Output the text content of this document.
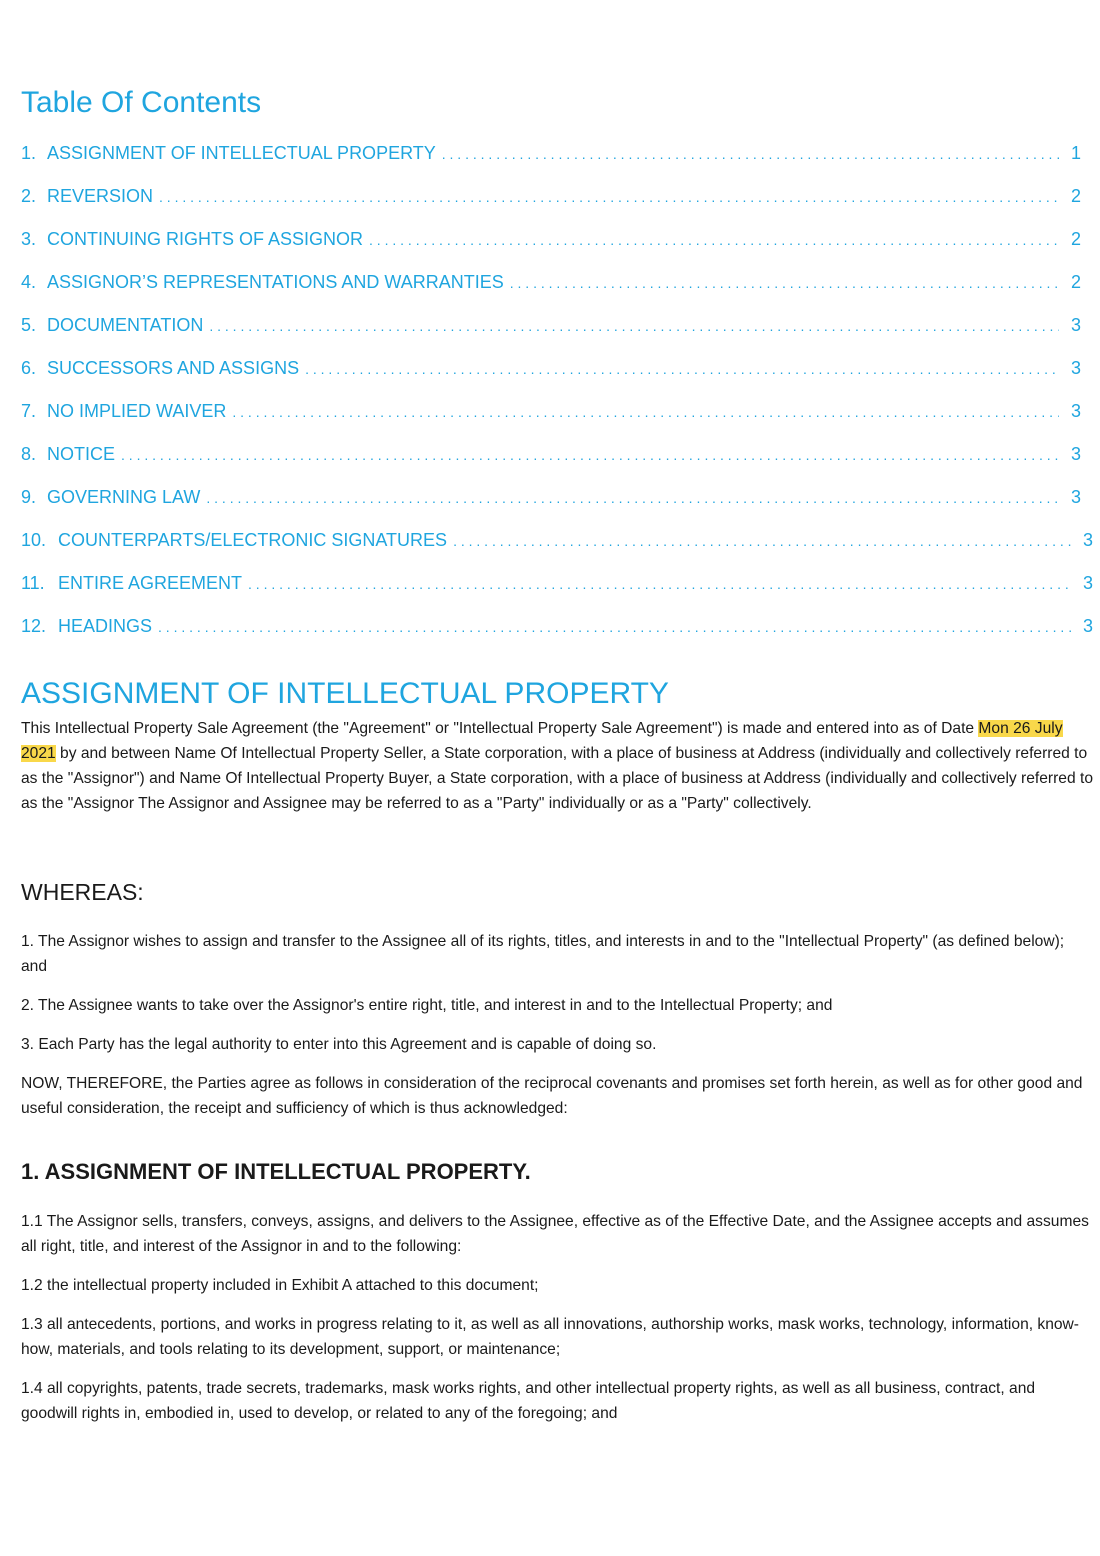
Table Of Contents
1. ASSIGNMENT OF INTELLECTUAL PROPERTY . . .	1
2. REVERSION . . .	2
3. CONTINUING RIGHTS OF ASSIGNOR . . .	2
4. ASSIGNOR’S REPRESENTATIONS AND WARRANTIES . . .	2
5. DOCUMENTATION . . .	3
6. SUCCESSORS AND ASSIGNS . . .	3
7. NO IMPLIED WAIVER . . .	3
8. NOTICE . . .	3
9. GOVERNING LAW . . .	3
10. COUNTERPARTS/ELECTRONIC SIGNATURES . . .	3
11. ENTIRE AGREEMENT . . .	3
12. HEADINGS . . .	3
ASSIGNMENT OF INTELLECTUAL PROPERTY

This Intellectual Property Sale Agreement (the "Agreement" or "Intellectual Property Sale Agreement") is made and entered into as of Date Mon 26 July 2021 by and between Name Of Intellectual Property Seller, a State corporation, with a place of business at Address (individually and collectively referred to as the "Assignor") and Name Of Intellectual Property Buyer, a State corporation, with a place of business at Address (individually and collectively referred to as the "Assignor The Assignor and Assignee may be referred to as a "Party" individually or as a "Party" collectively.

WHEREAS:

1. The Assignor wishes to assign and transfer to the Assignee all of its rights, titles, and interests in and to the "Intellectual Property" (as defined below); and

2. The Assignee wants to take over the Assignor's entire right, title, and interest in and to the Intellectual Property; and

3. Each Party has the legal authority to enter into this Agreement and is capable of doing so.

NOW, THEREFORE, the Parties agree as follows in consideration of the reciprocal covenants and promises set forth herein, as well as for other good and useful consideration, the receipt and sufficiency of which is thus acknowledged:

1. ASSIGNMENT OF INTELLECTUAL PROPERTY.

1.1 The Assignor sells, transfers, conveys, assigns, and delivers to the Assignee, effective as of the Effective Date, and the Assignee accepts and assumes all right, title, and interest of the Assignor in and to the following:

1.2 the intellectual property included in Exhibit A attached to this document;

1.3 all antecedents, portions, and works in progress relating to it, as well as all innovations, authorship works, mask works, technology, information, know-how, materials, and tools relating to its development, support, or maintenance;

1.4 all copyrights, patents, trade secrets, trademarks, mask works rights, and other intellectual property rights, as well as all business, contract, and goodwill rights in, embodied in, used to develop, or related to any of the foregoing; and
